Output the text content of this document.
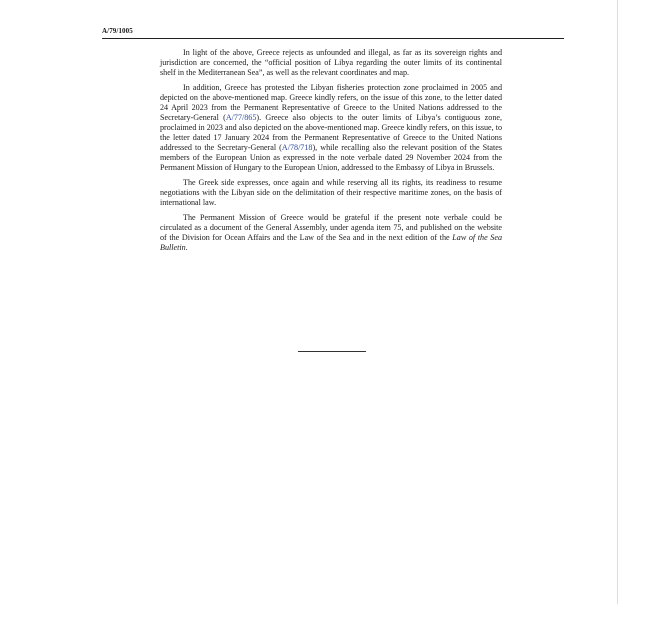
A/79/1005

In light of the above, Greece rejects as unfounded and illegal, as far as its sovereign rights and jurisdiction are concerned, the “official position of Libya regarding the outer limits of its continental shelf in the Mediterranean Sea”, as well as the relevant coordinates and map.

In addition, Greece has protested the Libyan fisheries protection zone proclaimed in 2005 and depicted on the above-mentioned map. Greece kindly refers, on the issue of this zone, to the letter dated 24 April 2023 from the Permanent Representative of Greece to the United Nations addressed to the Secretary-General (A/77/865). Greece also objects to the outer limits of Libya’s contiguous zone, proclaimed in 2023 and also depicted on the above-mentioned map. Greece kindly refers, on this issue, to the letter dated 17 January 2024 from the Permanent Representative of Greece to the United Nations addressed to the Secretary-General (A/78/718), while recalling also the relevant position of the States members of the European Union as expressed in the note verbale dated 29 November 2024 from the Permanent Mission of Hungary to the European Union, addressed to the Embassy of Libya in Brussels.

The Greek side expresses, once again and while reserving all its rights, its readiness to resume negotiations with the Libyan side on the delimitation of their respective maritime zones, on the basis of international law.

The Permanent Mission of Greece would be grateful if the present note verbale could be circulated as a document of the General Assembly, under agenda item 75, and published on the website of the Division for Ocean Affairs and the Law of the Sea and in the next edition of the Law of the Sea Bulletin.
